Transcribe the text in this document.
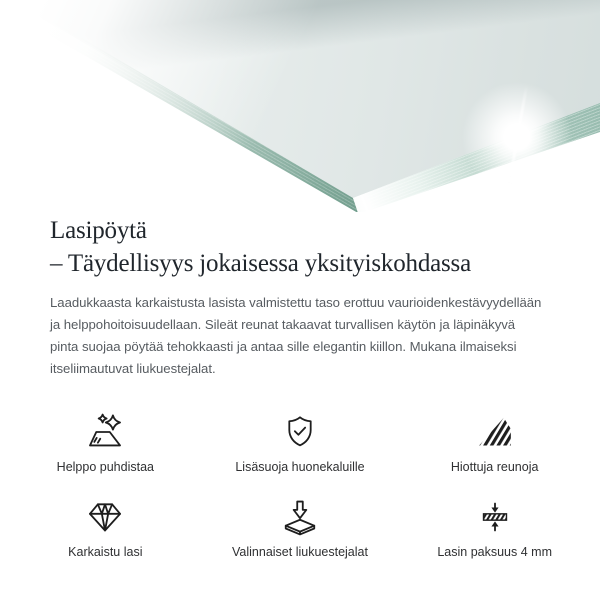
Lasipöytä
– Täydellisyys jokaisessa yksityiskohdassa
Laadukkaasta karkaistusta lasista valmistettu taso erottuu vaurioidenkestävyydellään
ja helppohoitoisuudellaan. Sileät reunat takaavat turvallisen käytön ja läpinäkyvä
pinta suojaa pöytää tehokkaasti ja antaa sille elegantin kiillon. Mukana ilmaiseksi
itseliimautuvat liukuestejalat.
Helppo puhdistaa	Lisäsuoja huonekaluille	Hiottuja reunoja
Karkaistu lasi	Valinnaiset liukuestejalat	Lasin paksuus 4 mm
